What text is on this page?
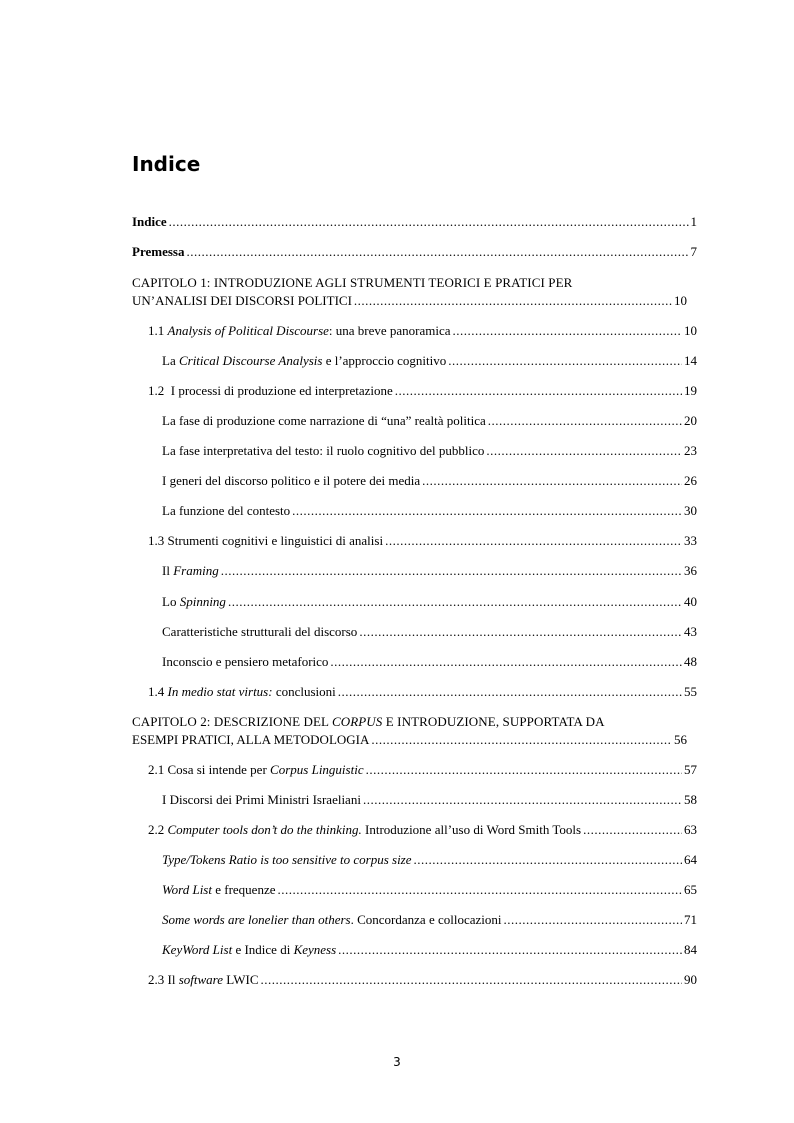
Indice
Indice .....	1
Premessa .....	7
CAPITOLO 1: INTRODUZIONE AGLI STRUMENTI TEORICI E PRATICI PER
UN’ANALISI DEI DISCORSI POLITICI .....	10
1.1 Analysis of Political Discourse: una breve panoramica .....	10
La Critical Discourse Analysis e l’approccio cognitivo .....	14
1.2  I processi di produzione ed interpretazione .....	19
La fase di produzione come narrazione di “una” realtà politica .....	20
La fase interpretativa del testo: il ruolo cognitivo del pubblico .....	23
I generi del discorso politico e il potere dei media .....	26
La funzione del contesto .....	30
1.3 Strumenti cognitivi e linguistici di analisi .....	33
Il Framing .....	36
Lo Spinning .....	40
Caratteristiche strutturali del discorso .....	43
Inconscio e pensiero metaforico .....	48
1.4 In medio stat virtus: conclusioni .....	55
CAPITOLO 2: DESCRIZIONE DEL CORPUS E INTRODUZIONE, SUPPORTATA DA
ESEMPI PRATICI, ALLA METODOLOGIA .....	56
2.1 Cosa si intende per Corpus Linguistic .....	57
I Discorsi dei Primi Ministri Israeliani .....	58
2.2 Computer tools don’t do the thinking. Introduzione all’uso di Word Smith Tools .....	63
Type/Tokens Ratio is too sensitive to corpus size .....	64
Word List e frequenze .....	65
Some words are lonelier than others. Concordanza e collocazioni .....	71
KeyWord List e Indice di Keyness .....	84
2.3 Il software LWIC .....	90
3
